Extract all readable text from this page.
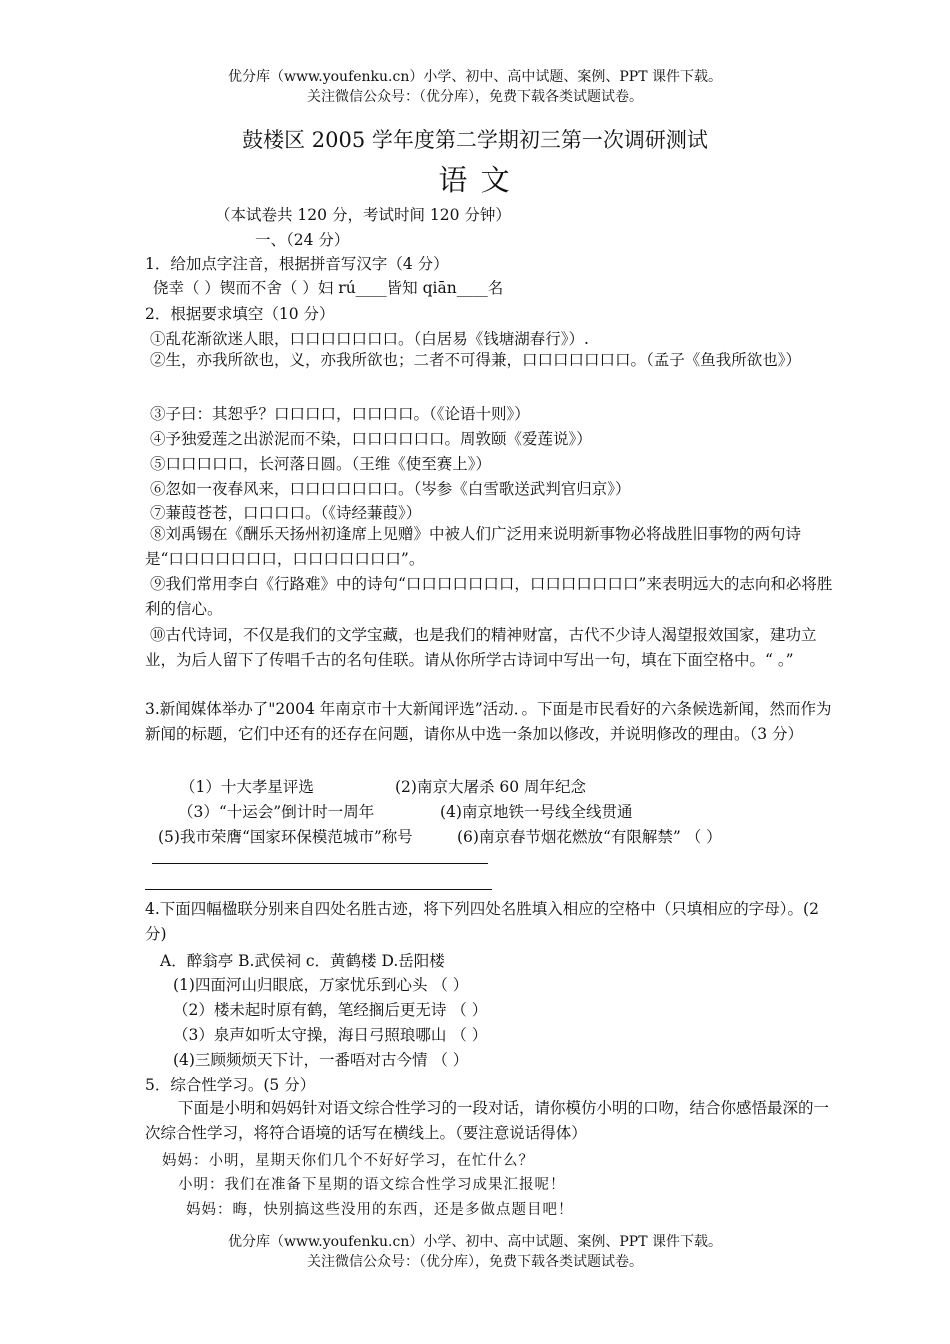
优分库（www.youfenku.cn）小学、初中、高中试题、案例、PPT 课件下载。
关注微信公众号：（优分库），免费下载各类试题试卷。
鼓楼区 2005 学年度第二学期初三第一次调研测试
语 文
（本试卷共 120 分，考试时间 120 分钟）
一、（24 分）
1．给加点字注音，根据拼音写汉字（4 分）
侥幸（ ）锲而不舍（ ）妇 rú____皆知 qiān____名
2．根据要求填空（10 分）
①乱花渐欲迷人眼，口口口口口口口。（白居易《钱塘湖春行》）.
②生，亦我所欲也，义，亦我所欲也；二者不可得兼，口口口口口口口。（孟子《鱼我所欲也》）
③子曰：其恕乎？口口口口，口口口口。（《论语十则》）
④予独爱莲之出淤泥而不染，口口口口口口。周敦颐《爱莲说》）
⑤口口口口口，长河落日圆。（王维《使至赛上》）
⑥忽如一夜春风来，口口口口口口口。（岑参《白雪歌送武判官归京》）
⑦蒹葭苍苍，口口口口。（《诗经蒹葭》）
⑧刘禹锡在《酬乐天扬州初逢席上见赠》中被人们广泛用来说明新事物必将战胜旧事物的两句诗是“口口口口口口口，口口口口口口口”。
⑨我们常用李白《行路难》中的诗句“口口口口口口口，口口口口口口口”来表明远大的志向和必将胜利的信心。
⑩古代诗词，不仅是我们的文学宝藏，也是我们的精神财富，古代不少诗人渴望报效国家，建功立业，为后人留下了传唱千古的名句佳联。请从你所学古诗词中写出一句，填在下面空格中。“ 。”
3.新闻媒体举办了"2004 年南京市十大新闻评选”活动．。下面是市民看好的六条候选新闻，然而作为新闻的标题，它们中还有的还存在问题，请你从中选一条加以修改，并说明修改的理由。（3 分）
（1）十大孝星评选	(2)南京大屠杀 60 周年纪念
（3）“十运会”倒计时一周年	(4)南京地铁一号线全线贯通
(5)我市荣膺“国家环保模范城市”称号	(6)南京春节烟花燃放“有限解禁” （ ）
4.下面四幅楹联分别来自四处名胜古迹，将下列四处名胜填入相应的空格中（只填相应的字母）。(2 分)
A．醉翁亭 B.武侯祠 c．黄鹤楼 D.岳阳楼
(1)四面河山归眼底，万家忧乐到心头 （ ）
（2）楼未起时原有鹤，笔经搁后更无诗 （ ）
（3）泉声如听太守操，海日弓照琅哪山 （ ）
(4)三顾频烦天下计，一番唔对古今情 （ ）
5．综合性学习。(5 分）
下面是小明和妈妈针对语文综合性学习的一段对话，请你模仿小明的口吻，结合你感悟最深的一次综合性学习，将符合语境的话写在横线上。（要注意说话得体）
妈妈：小明，星期天你们几个不好好学习，在忙什么？
小明：我们在准备下星期的语文综合性学习成果汇报呢！
妈妈：晦，快别搞这些没用的东西，还是多做点题目吧！
优分库（www.youfenku.cn）小学、初中、高中试题、案例、PPT 课件下载。
关注微信公众号：（优分库），免费下载各类试题试卷。
